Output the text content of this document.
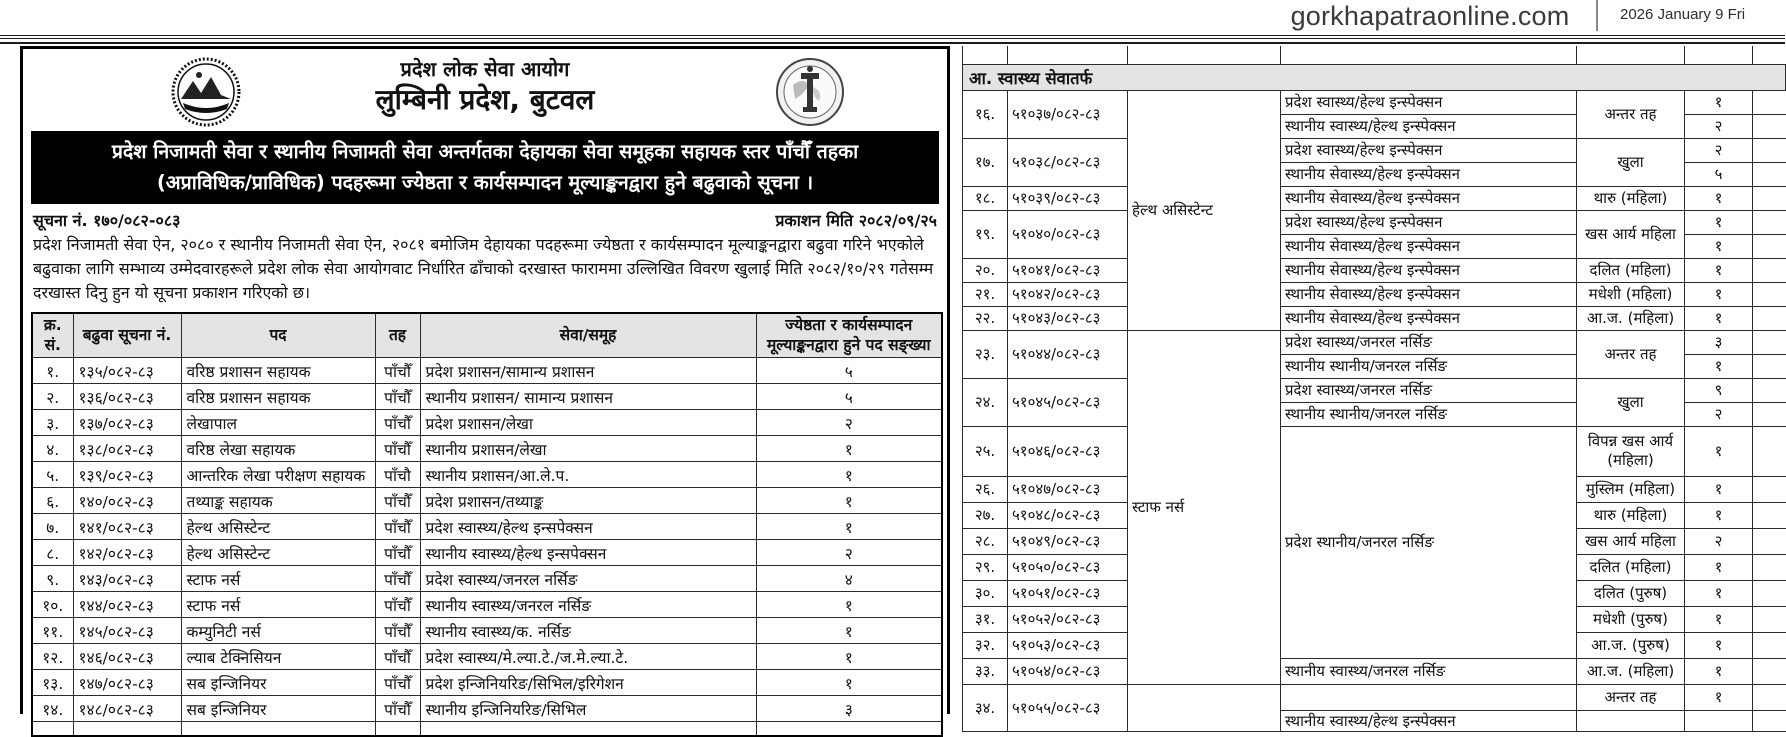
gorkhapatraonline.com	2026 January 9 Fri
प्रदेश लोक सेवा आयोग
लुम्बिनी प्रदेश, बुटवल
प्रदेश निजामती सेवा र स्थानीय निजामती सेवा अन्तर्गतका देहायका सेवा समूहका सहायक स्तर पाँचौँ तहका
(अप्राविधिक/प्राविधिक) पदहरूमा ज्येष्ठता र कार्यसम्पादन मूल्याङ्कनद्वारा हुने बढुवाको सूचना ।
सूचना नं. १७०/०८२-०८३	प्रकाशन मिति २०८२/०९/२५
प्रदेश निजामती सेवा ऐन, २०८० र स्थानीय निजामती सेवा ऐन, २०८१ बमोजिम देहायका पदहरूमा ज्येष्ठता र कार्यसम्पादन मूल्याङ्कनद्वारा बढुवा गरिने भएकोले बढुवाका लागि सम्भाव्य उम्मेदवारहरूले प्रदेश लोक सेवा आयोगवाट निर्धारित ढाँचाको दरखास्त फाराममा उल्लिखित विवरण खुलाई मिति २०८२/१०/२९ गतेसम्म दरखास्त दिनु हुन यो सूचना प्रकाशन गरिएको छ।
क्र. सं.	बढुवा सूचना नं.	पद	तह	सेवा/समूह	ज्येष्ठता र कार्यसम्पादन मूल्याङ्कनद्वारा हुने पद सङ्ख्या
१.	१३५/०८२-८३	वरिष्ठ प्रशासन सहायक	पाँचौँ	प्रदेश प्रशासन/सामान्य प्रशासन	५
२.	१३६/०८२-८३	वरिष्ठ प्रशासन सहायक	पाँचौँ	स्थानीय प्रशासन/ सामान्य प्रशासन	५
३.	१३७/०८२-८३	लेखापाल	पाँचौँ	प्रदेश प्रशासन/लेखा	२
४.	१३८/०८२-८३	वरिष्ठ लेखा सहायक	पाँचौँ	स्थानीय प्रशासन/लेखा	१
५.	१३९/०८२-८३	आन्तरिक लेखा परीक्षण सहायक	पाँचौ	स्थानीय प्रशासन/आ.ले.प.	१
६.	१४०/०८२-८३	तथ्याङ्क सहायक	पाँचौँ	प्रदेश प्रशासन/तथ्याङ्क	१
७.	१४१/०८२-८३	हेल्थ असिस्टेन्ट	पाँचौँ	प्रदेश स्वास्थ्य/हेल्थ इन्सपेक्सन	१
८.	१४२/०८२-८३	हेल्थ असिस्टेन्ट	पाँचौँ	स्थानीय स्वास्थ्य/हेल्थ इन्सपेक्सन	२
९.	१४३/०८२-८३	स्टाफ नर्स	पाँचौँ	प्रदेश स्वास्थ्य/जनरल नर्सिङ	४
१०.	१४४/०८२-८३	स्टाफ नर्स	पाँचौँ	स्थानीय स्वास्थ्य/जनरल नर्सिङ	१
११.	१४५/०८२-८३	कम्युनिटी नर्स	पाँचौँ	स्थानीय स्वास्थ्य/क. नर्सिङ	१
१२.	१४६/०८२-८३	ल्याब टेक्निसियन	पाँचौँ	प्रदेश स्वास्थ्य/मे.ल्या.टे./ज.मे.ल्या.टे.	१
१३.	१४७/०८२-८३	सब इन्जिनियर	पाँचौँ	प्रदेश इन्जिनियरिङ/सिभिल/इरिगेशन	१
१४.	१४८/०८२-८३	सब इन्जिनियर	पाँचौँ	स्थानीय इन्जिनियरिङ/सिभिल	३

आ. स्वास्थ्य सेवातर्फ						
१६.	५१०३७/०८२-८३	हेल्थ असिस्टेन्ट	प्रदेश स्वास्थ्य/हेल्थ इन्स्पेक्सन	अन्तर तह	१	
			स्थानीय स्वास्थ्य/हेल्थ इन्स्पेक्सन		२	
१७.	५१०३८/०८२-८३		प्रदेश स्वास्थ्य/हेल्थ इन्स्पेक्सन	खुला	२	
			स्थानीय सेवास्थ्य/हेल्थ इन्स्पेक्सन		५	
१८.	५१०३९/०८२-८३		स्थानीय सेवास्थ्य/हेल्थ इन्स्पेक्सन	थारु (महिला)	१	
१९.	५१०४०/०८२-८३		प्रदेश स्वास्थ्य/हेल्थ इन्स्पेक्सन	खस आर्य महिला	१	
			स्थानीय सेवास्थ्य/हेल्थ इन्स्पेक्सन		१	
२०.	५१०४१/०८२-८३		स्थानीय सेवास्थ्य/हेल्थ इन्स्पेक्सन	दलित (महिला)	१	
२१.	५१०४२/०८२-८३		स्थानीय सेवास्थ्य/हेल्थ इन्स्पेक्सन	मधेशी (महिला)	१	
२२.	५१०४३/०८२-८३		स्थानीय सेवास्थ्य/हेल्थ इन्स्पेक्सन	आ.ज. (महिला)	१	
२३.	५१०४४/०८२-८३	स्टाफ नर्स	प्रदेश स्वास्थ्य/जनरल नर्सिङ	अन्तर तह	३	
			स्थानीय स्थानीय/जनरल नर्सिङ		१	
२४.	५१०४५/०८२-८३		प्रदेश स्वास्थ्य/जनरल नर्सिङ	खुला	९	
			स्थानीय स्थानीय/जनरल नर्सिङ		२	
२५.	५१०४६/०८२-८३		प्रदेश स्थानीय/जनरल नर्सिङ	विपन्न खस आर्य (महिला)	१	
२६.	५१०४७/०८२-८३			मुस्लिम (महिला)	१	
२७.	५१०४८/०८२-८३			थारु (महिला)	१	
२८.	५१०४९/०८२-८३			खस आर्य महिला	२	
२९.	५१०५०/०८२-८३			दलित (महिला)	१	
३०.	५१०५१/०८२-८३			दलित (पुरुष)	१	
३१.	५१०५२/०८२-८३			मधेशी (पुरुष)	१	
३२.	५१०५३/०८२-८३			आ.ज. (पुरुष)	१	
३३.	५१०५४/०८२-८३		स्थानीय स्वास्थ्य/जनरल नर्सिङ	आ.ज. (महिला)	१	
३४.	५१०५५/०८२-८३			अन्तर तह	१	
			स्थानीय स्वास्थ्य/हेल्थ इन्स्पेक्सन			
